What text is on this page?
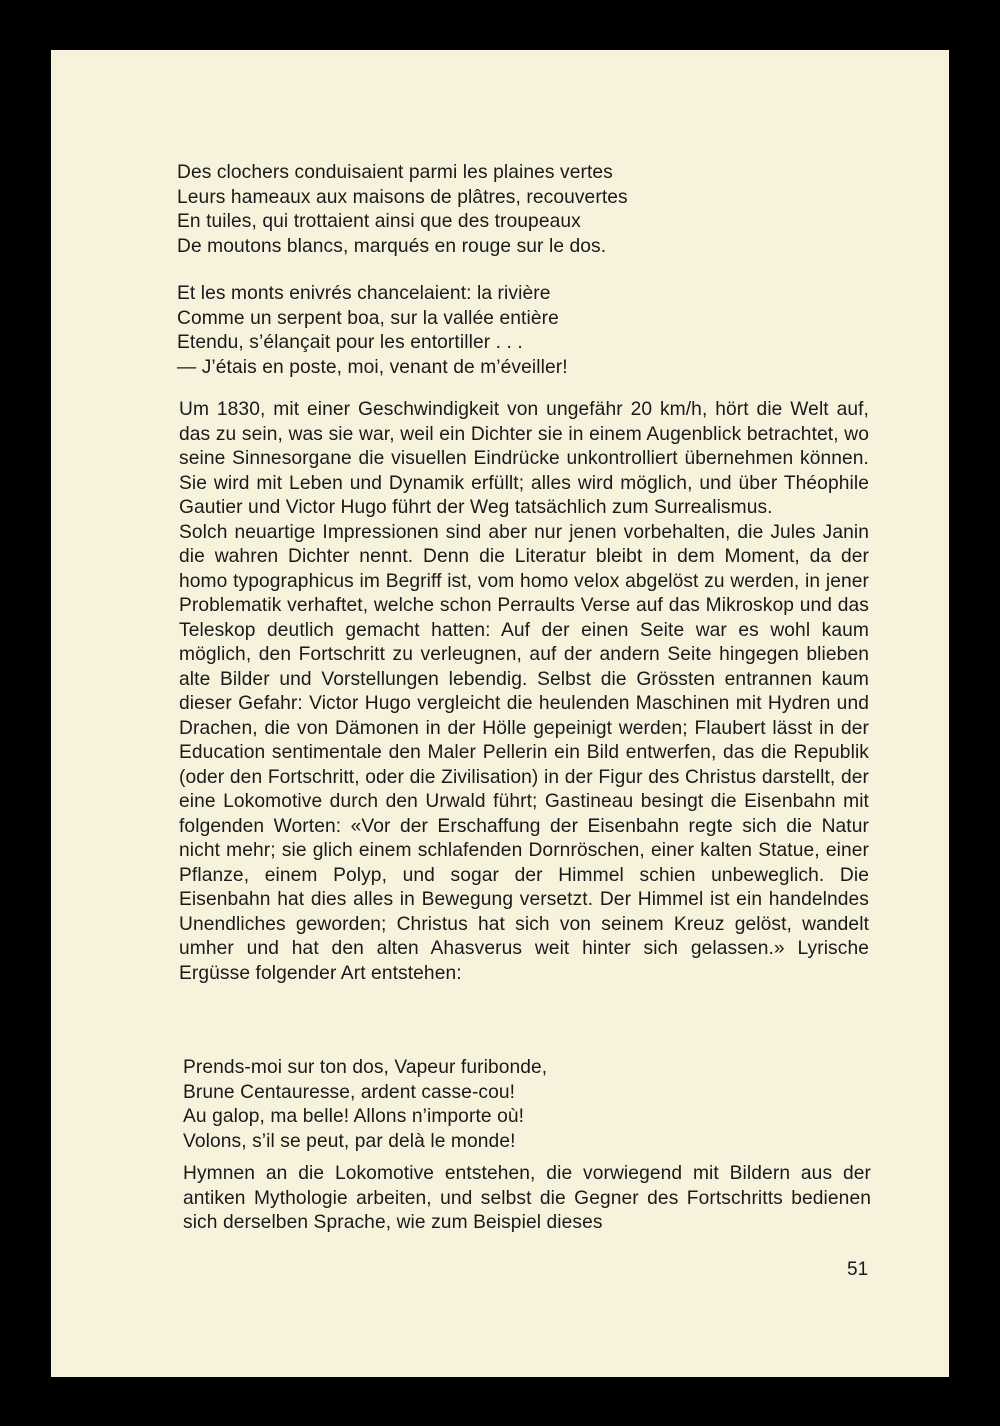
Des clochers conduisaient parmi les plaines vertes
Leurs hameaux aux maisons de plâtres, recouvertes
En tuiles, qui trottaient ainsi que des troupeaux
De moutons blancs, marqués en rouge sur le dos.
Et les monts enivrés chancelaient: la rivière
Comme un serpent boa, sur la vallée entière
Etendu, s’élançait pour les entortiller . . .
— J’étais en poste, moi, venant de m’éveiller!

Um 1830, mit einer Geschwindigkeit von ungefähr 20 km/h, hört die Welt auf, das zu sein, was sie war, weil ein Dichter sie in einem Augenblick betrachtet, wo seine Sinnesorgane die visuellen Eindrücke unkontrolliert übernehmen können. Sie wird mit Leben und Dynamik erfüllt; alles wird möglich, und über Théophile Gautier und Victor Hugo führt der Weg tatsächlich zum Surrealismus.

Solch neuartige Impressionen sind aber nur jenen vorbehalten, die Jules Janin die wahren Dichter nennt. Denn die Literatur bleibt in dem Moment, da der homo typographicus im Begriff ist, vom homo velox abgelöst zu werden, in jener Problematik verhaftet, welche schon Perraults Verse auf das Mikroskop und das Teleskop deutlich gemacht hatten: Auf der einen Seite war es wohl kaum möglich, den Fortschritt zu verleugnen, auf der andern Seite hingegen blieben alte Bilder und Vorstellungen lebendig. Selbst die Grössten entrannen kaum dieser Gefahr: Victor Hugo vergleicht die heulenden Maschinen mit Hydren und Drachen, die von Dämonen in der Hölle gepeinigt werden; Flaubert lässt in der Education sentimentale den Maler Pellerin ein Bild entwerfen, das die Republik (oder den Fortschritt, oder die Zivilisation) in der Figur des Christus darstellt, der eine Lokomotive durch den Urwald führt; Gastineau besingt die Eisenbahn mit folgenden Worten: «Vor der Erschaffung der Eisenbahn regte sich die Natur nicht mehr; sie glich einem schlafenden Dornröschen, einer kalten Statue, einer Pflanze, einem Polyp, und sogar der Himmel schien unbeweglich. Die Eisenbahn hat dies alles in Bewegung versetzt. Der Himmel ist ein handelndes Unendliches geworden; Christus hat sich von seinem Kreuz gelöst, wandelt umher und hat den alten Ahasverus weit hinter sich gelassen.» Lyrische Ergüsse folgender Art entstehen:

Prends-moi sur ton dos, Vapeur furibonde,
Brune Centauresse, ardent casse-cou!
Au galop, ma belle! Allons n’importe où!
Volons, s’il se peut, par delà le monde!
Hymnen an die Lokomotive entstehen, die vorwiegend mit Bildern aus der antiken Mythologie arbeiten, und selbst die Gegner des Fortschritts bedienen sich derselben Sprache, wie zum Beispiel dieses
51
